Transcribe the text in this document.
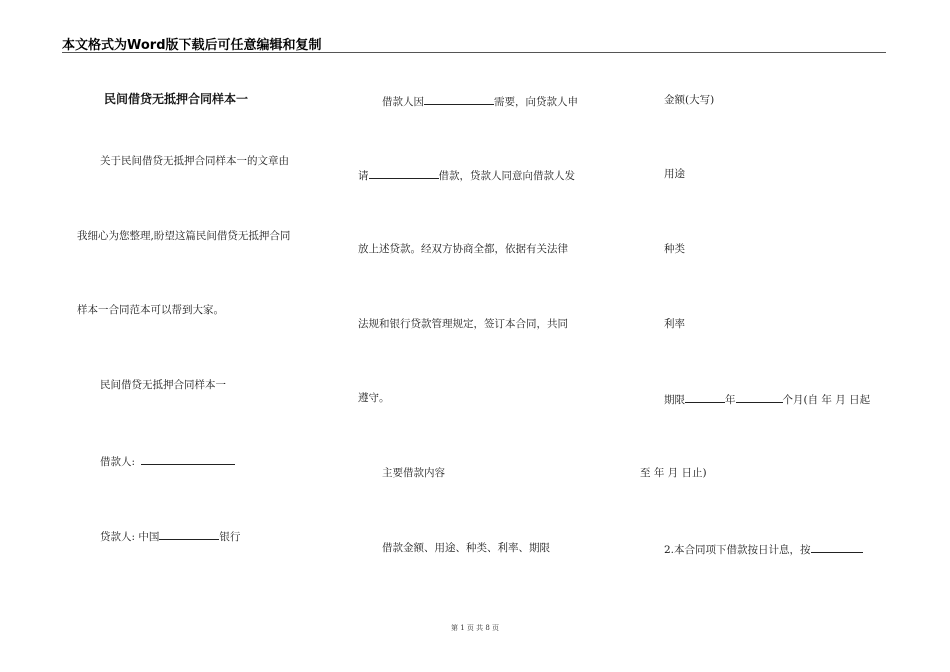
本文格式为Word版下载后可任意编辑和复制
民间借贷无抵押合同样本一
关于民间借贷无抵押合同样本一的文章由
我细心为您整理,盼望这篇民间借贷无抵押合同
样本一合同范本可以帮到大家。
民间借贷无抵押合同样本一
借款人:
贷款人: 中国	银行
借款人因	需要，向贷款人申
请	借款，贷款人同意向借款人发
放上述贷款。经双方协商全都，依据有关法律
法规和银行贷款管理规定，签订本合同，共同
遵守。
主要借款内容
借款金额、用途、种类、利率、期限
金额(大写)
用途
种类
利率
期限	年	个月(自 年 月 日起
至 年 月 日止)
2.本合同项下借款按日计息，按
第 1 页 共 8 页
